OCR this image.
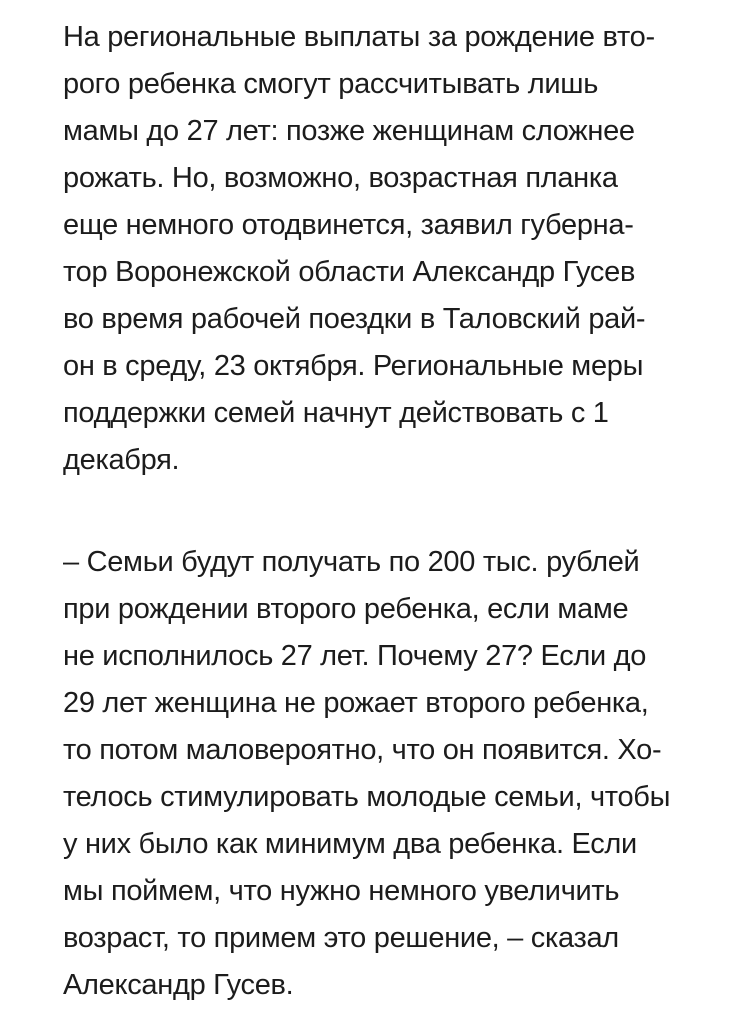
На региональные выплаты за рождение вто-
рого ребенка смогут рассчитывать лишь
мамы до 27 лет: позже женщинам сложнее
рожать. Но, возможно, возрастная планка
еще немного отодвинется, заявил губерна-
тор Воронежской области Александр Гусев
во время рабочей поездки в Таловский рай-
он в среду, 23 октября. Региональные меры
поддержки семей начнут действовать с 1
декабря.
– Семьи будут получать по 200 тыс. рублей
при рождении второго ребенка, если маме
не исполнилось 27 лет. Почему 27? Если до
29 лет женщина не рожает второго ребенка,
то потом маловероятно, что он появится. Хо-
телось стимулировать молодые семьи, чтобы
у них было как минимум два ребенка. Если
мы поймем, что нужно немного увеличить
возраст, то примем это решение, – сказал
Александр Гусев.
